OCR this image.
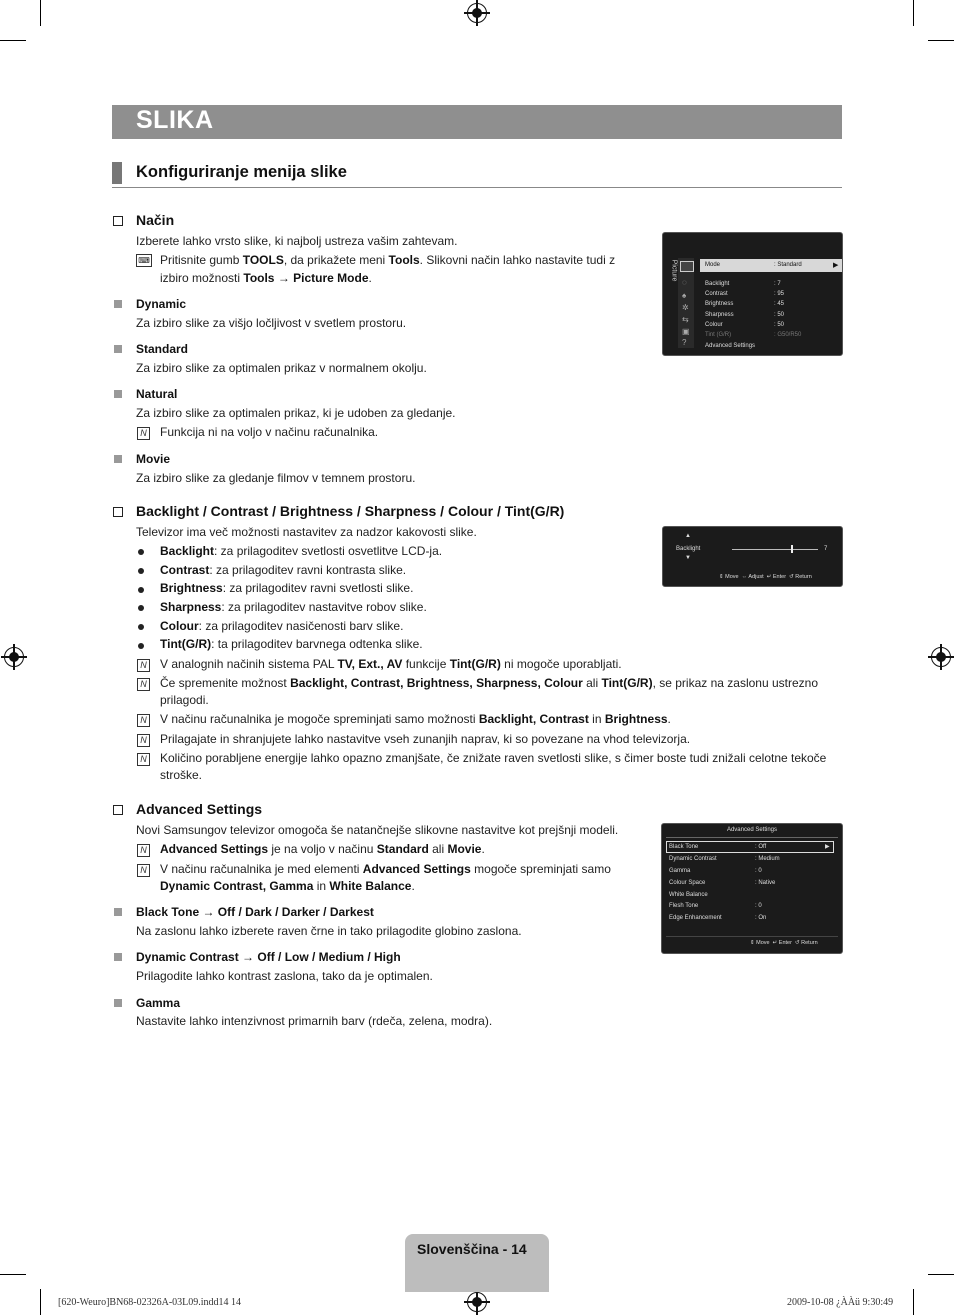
SLIKA
Konfiguriranje menija slike
Način
Izberete lahko vrsto slike, ki najbolj ustreza vašim zahtevam.
⌨ Pritisnite gumb TOOLS, da prikažete meni Tools. Slikovni način lahko nastavite tudi z
izbiro možnosti Tools → Picture Mode.
Dynamic
Za izbiro slike za višjo ločljivost v svetlem prostoru.
Standard
Za izbiro slike za optimalen prikaz v normalnem okolju.
Natural
Za izbiro slike za optimalen prikaz, ki je udoben za gledanje.
N Funkcija ni na voljo v načinu računalnika.
Movie
Za izbiro slike za gledanje filmov v temnem prostoru.
Picture
◌
♠
✲
⇆
▣
?
Mode	: Standard	▶
Backlight	: 7
Contrast	: 95
Brightness	: 45
Sharpness	: 50
Colour	: 50
Tint (G/R)	: G50/R50
Advanced Settings
Backlight / Contrast / Brightness / Sharpness / Colour / Tint(G/R)
Televizor ima več možnosti nastavitev za nadzor kakovosti slike.
Backlight: za prilagoditev svetlosti osvetlitve LCD-ja.
Contrast: za prilagoditev ravni kontrasta slike.
Brightness: za prilagoditev ravni svetlosti slike.
Sharpness: za prilagoditev nastavitve robov slike.
Colour: za prilagoditev nasičenosti barv slike.
Tint(G/R): ta prilagoditev barvnega odtenka slike.
N V analognih načinih sistema PAL TV, Ext., AV funkcije Tint(G/R) ni mogoče uporabljati.
N Če spremenite možnost Backlight, Contrast, Brightness, Sharpness, Colour ali Tint(G/R), se prikaz na zaslonu ustrezno
prilagodi.
N V načinu računalnika je mogoče spreminjati samo možnosti Backlight, Contrast in Brightness.
N Prilagajate in shranjujete lahko nastavitve vseh zunanjih naprav, ki so povezane na vhod televizorja.
N Količino porabljene energije lahko opazno zmanjšate, če znižate raven svetlosti slike, s čimer boste tudi znižali celotne tekoče
stroške.
▲
Backlight
▼
7
⇕ Move ⇔ Adjust ↵ Enter ↺ Return
Advanced Settings
Novi Samsungov televizor omogoča še natančnejše slikovne nastavitve kot prejšnji modeli.
N Advanced Settings je na voljo v načinu Standard ali Movie.
N V načinu računalnika je med elementi Advanced Settings mogoče spreminjati samo
Dynamic Contrast, Gamma in White Balance.
Black Tone → Off / Dark / Darker / Darkest
Na zaslonu lahko izberete raven črne in tako prilagodite globino zaslona.
Dynamic Contrast → Off / Low / Medium / High
Prilagodite lahko kontrast zaslona, tako da je optimalen.
Gamma
Nastavite lahko intenzivnost primarnih barv (rdeča, zelena, modra).
Advanced Settings
Black Tone	: Off	▶
Dynamic Contrast	: Medium
Gamma	: 0
Colour Space	: Native
White Balance
Flesh Tone	: 0
Edge Enhancement	: On
⇕ Move ↵ Enter ↺ Return
Slovenščina - 14
[620-Weuro]BN68-02326A-03L09.indd14 14	2009-10-08 ¿ÀÀü 9:30:49
